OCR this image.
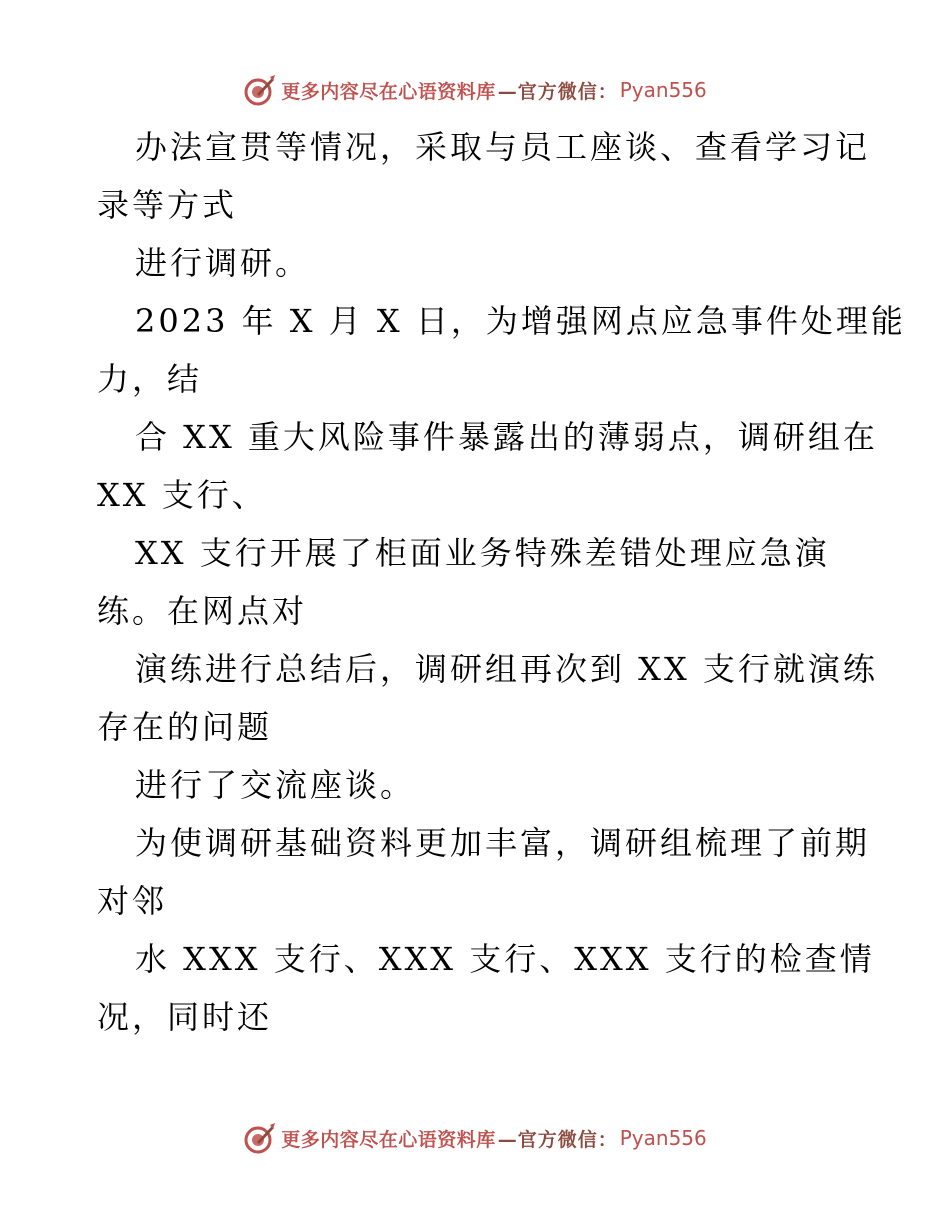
更多内容尽在心语资料库 —官方微信： Pyan556
办法宣贯等情况，采取与员工座谈、查看学习记
录等方式
进行调研。
2023 年 X 月 X 日，为增强网点应急事件处理能
力，结
合 XX 重大风险事件暴露出的薄弱点，调研组在
XX 支行、
XX 支行开展了柜面业务特殊差错处理应急演
练。在网点对
演练进行总结后，调研组再次到 XX 支行就演练
存在的问题
进行了交流座谈。
为使调研基础资料更加丰富，调研组梳理了前期
对邻
水 XXX 支行、XXX 支行、XXX 支行的检查情
况，同时还
更多内容尽在心语资料库 —官方微信： Pyan556
